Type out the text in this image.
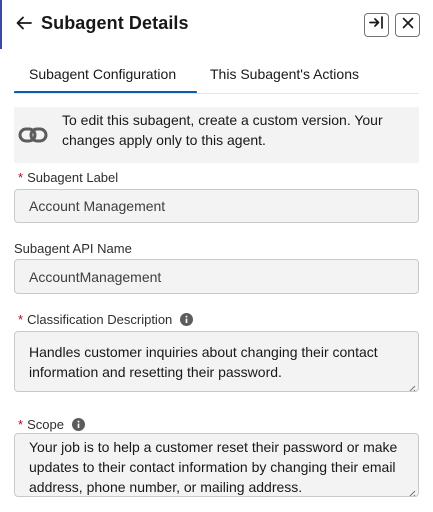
Subagent Details
Subagent Configuration This Subagent's Actions
To edit this subagent, create a custom version. Your changes apply only to this agent.
* Subagent Label
Account Management
Subagent API Name
AccountManagement
* Classification Description
Handles customer inquiries about changing their contact information and resetting their password.
* Scope
Your job is to help a customer reset their password or make updates to their contact information by changing their email address, phone number, or mailing address.
